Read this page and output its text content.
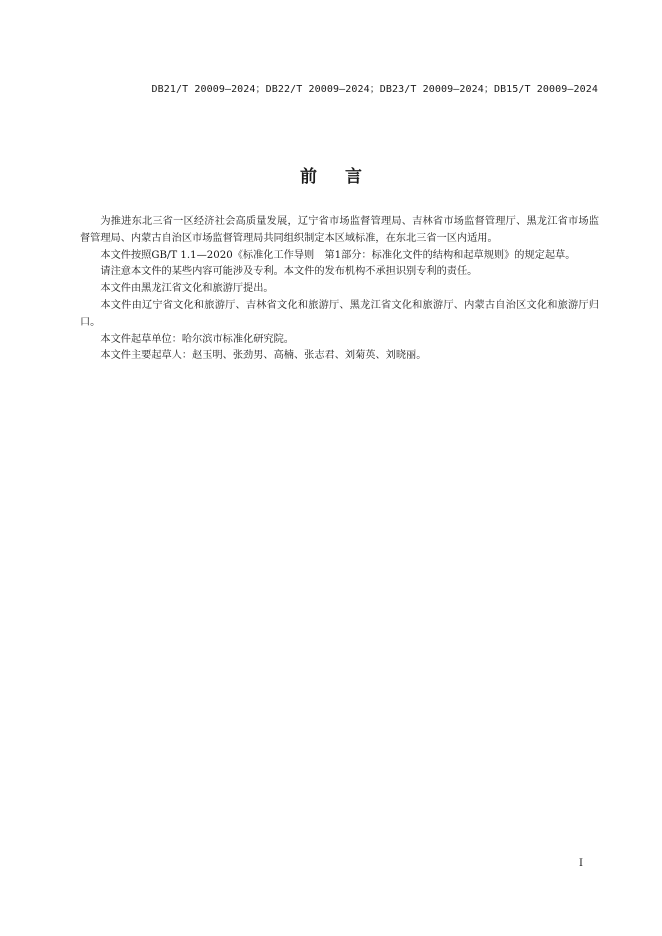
DB21/T 20009—2024；DB22/T 20009—2024；DB23/T 20009—2024；DB15/T 20009—2024
前言

为推进东北三省一区经济社会高质量发展，辽宁省市场监督管理局、吉林省市场监督管理厅、黑龙江省市场监督管理局、内蒙古自治区市场监督管理局共同组织制定本区域标准，在东北三省一区内适用。

本文件按照GB/T 1.1—2020《标准化工作导则　第1部分：标准化文件的结构和起草规则》的规定起草。

请注意本文件的某些内容可能涉及专利。本文件的发布机构不承担识别专利的责任。

本文件由黑龙江省文化和旅游厅提出。

本文件由辽宁省文化和旅游厅、吉林省文化和旅游厅、黑龙江省文化和旅游厅、内蒙古自治区文化和旅游厅归口。

本文件起草单位：哈尔滨市标准化研究院。

本文件主要起草人：赵玉明、张劲男、高楠、张志君、刘菊英、刘晓丽。

I
